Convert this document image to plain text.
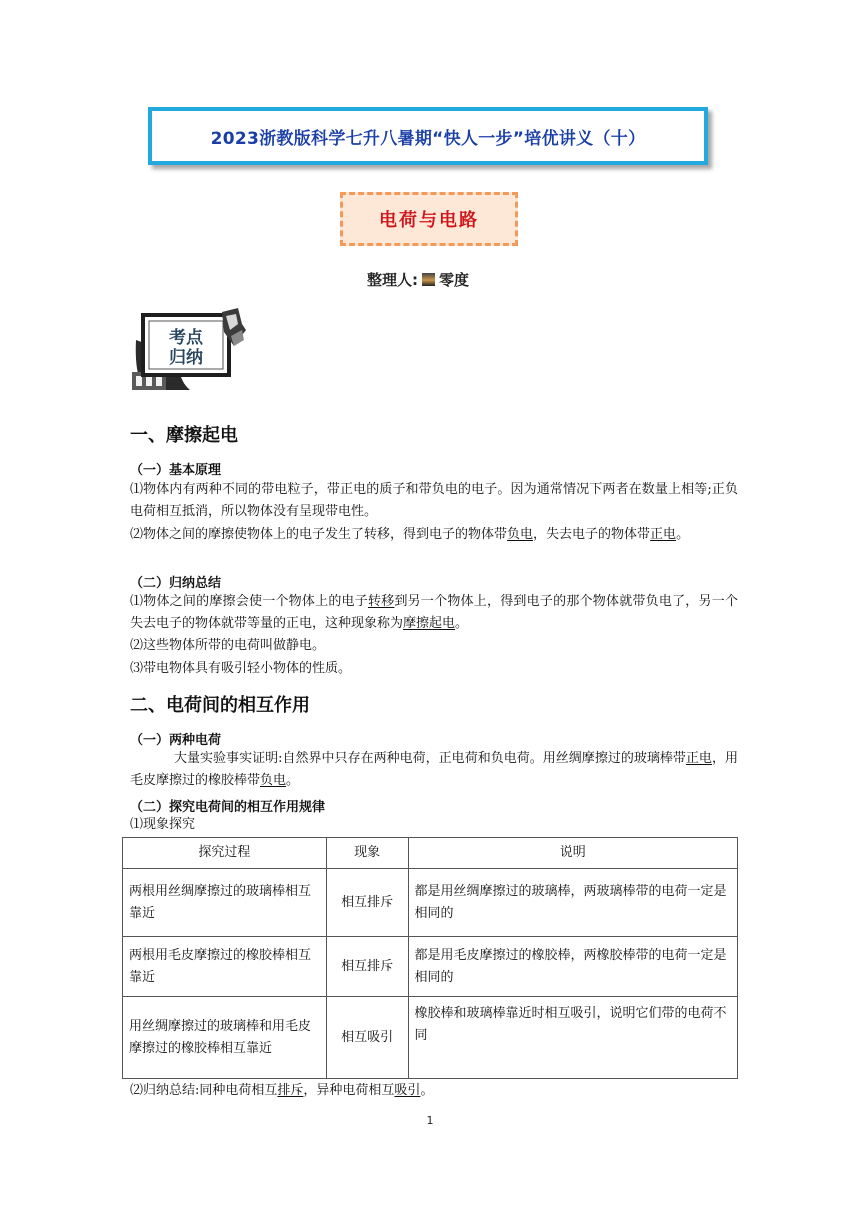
2023浙教版科学七升八暑期“快人一步”培优讲义（十）
电荷与电路
整理人: 零度
考点
归纳
一、摩擦起电
（一）基本原理
⑴物体内有两种不同的带电粒子，带正电的质子和带负电的电子。因为通常情况下两者在数量上相等;正负电荷相互抵消，所以物体没有呈现带电性。
⑵物体之间的摩擦使物体上的电子发生了转移，得到电子的物体带负电，失去电子的物体带正电。
（二）归纳总结
⑴物体之间的摩擦会使一个物体上的电子转移到另一个物体上，得到电子的那个物体就带负电了，另一个失去电子的物体就带等量的正电，这种现象称为摩擦起电。
⑵这些物体所带的电荷叫做静电。
⑶带电物体具有吸引轻小物体的性质。
二、电荷间的相互作用
（一）两种电荷
大量实验事实证明:自然界中只存在两种电荷，正电荷和负电荷。用丝绸摩擦过的玻璃棒带正电，用毛皮摩擦过的橡胶棒带负电。
（二）探究电荷间的相互作用规律
⑴现象探究
探究过程	现象	说明
两根用丝绸摩擦过的玻璃棒相互靠近	相互排斥	都是用丝绸摩擦过的玻璃棒，两玻璃棒带的电荷一定是相同的
两根用毛皮摩擦过的橡胶棒相互靠近	相互排斥	都是用毛皮摩擦过的橡胶棒，两橡胶棒带的电荷一定是相同的
用丝绸摩擦过的玻璃棒和用毛皮摩擦过的橡胶棒相互靠近	相互吸引	橡胶棒和玻璃棒靠近时相互吸引，说明它们带的电荷不同
⑵归纳总结:同种电荷相互排斥，异种电荷相互吸引。
1
